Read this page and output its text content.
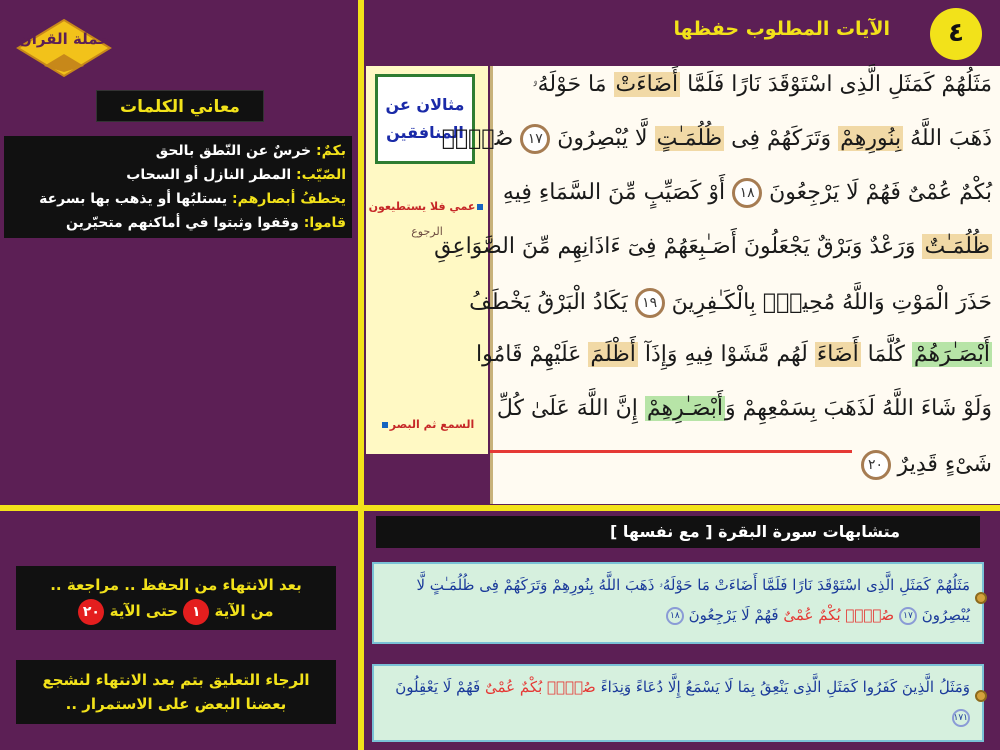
حملة القرآن
معاني الكلمات
بكمٌ: خرسٌ عن النّطق بالحق
الصّيّب: المطر النازل أو السحاب
يخطفُ أبصارهم: يستلبُها أو يذهب بها بسرعة
قاموا: وقفوا وثبتوا في أماكنهم متحيّرين
٤
الآيات المطلوب حفظها
مثالان عن المنافقين
عمي فلا يستطيعون
الرجوع
السمع ثم البصر
مَثَلُهُمْ كَمَثَلِ الَّذِى اسْتَوْقَدَ نَارًا فَلَمَّا أَضَاءَتْ مَا حَوْلَهُۥ
ذَهَبَ اللَّهُ بِنُورِهِمْ وَتَرَكَهُمْ فِى ظُلُمَـٰتٍ لَّا يُبْصِرُونَ ١٧ صُمٌّۢ
بُكْمٌ عُمْىٌ فَهُمْ لَا يَرْجِعُونَ ١٨ أَوْ كَصَيِّبٍ مِّنَ السَّمَاءِ فِيهِ
ظُلُمَـٰتٌ وَرَعْدٌ وَبَرْقٌ يَجْعَلُونَ أَصَـٰبِعَهُمْ فِىٓ ءَاذَانِهِم مِّنَ الصَّوَاعِقِ
حَذَرَ الْمَوْتِ وَاللَّهُ مُحِيطٌۢ بِالْكَـٰفِرِينَ ١٩ يَكَادُ الْبَرْقُ يَخْطَفُ
أَبْصَـٰرَهُمْ كُلَّمَا أَضَاءَ لَهُم مَّشَوْا فِيهِ وَإِذَآ أَظْلَمَ عَلَيْهِمْ قَامُوا
وَلَوْ شَاءَ اللَّهُ لَذَهَبَ بِسَمْعِهِمْ وَأَبْصَـٰرِهِمْ إِنَّ اللَّهَ عَلَىٰ كُلِّ
شَىْءٍ قَدِيرٌ ٢٠
بعد الانتهاء من الحفظ .. مراجعة ..
من الآية ١ حتى الآية ٢٠
الرجاء التعليق بتم بعد الانتهاء لنشجع بعضنا البعض على الاستمرار ..
متشابهات سورة البقرة [ مع نفسها ]
مَثَلُهُمْ كَمَثَلِ الَّذِى اسْتَوْقَدَ نَارًا فَلَمَّا أَضَاءَتْ مَا حَوْلَهُۥ ذَهَبَ اللَّهُ بِنُورِهِمْ وَتَرَكَهُمْ فِى ظُلُمَـٰتٍ لَّا يُبْصِرُونَ ١٧ صُمٌّۢ بُكْمٌ عُمْىٌ فَهُمْ لَا يَرْجِعُونَ ١٨
وَمَثَلُ الَّذِينَ كَفَرُوا كَمَثَلِ الَّذِى يَنْعِقُ بِمَا لَا يَسْمَعُ إِلَّا دُعَاءً وَنِدَاءً صُمٌّۢ بُكْمٌ عُمْىٌ فَهُمْ لَا يَعْقِلُونَ ١٧١
